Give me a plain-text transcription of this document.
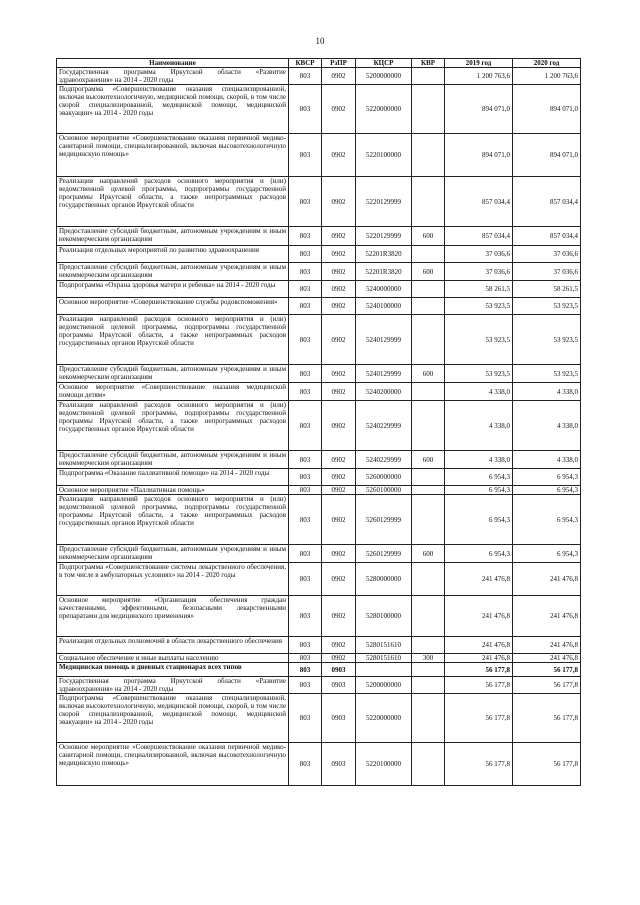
10
Наименование	КВСР	РзПР	КЦСР	КВР	2019 год	2020 год
Государственная программа Иркутской области «Развитие здравоохранения» на 2014 - 2020 годы	803	0902	5200000000		1 200 763,6	1 200 763,6
Подпрограмма «Совершенствование оказания специализированной, включая высокотехнологичную, медицинской помощи, скорой, в том числе скорой специализированной, медицинской помощи, медицинской эвакуации» на 2014 - 2020 годы	803	0902	5220000000		894 071,0	894 071,0
Основное мероприятие «Совершенствование оказания первичной медико-санитарной помощи, специализированной, включая высокотехнологичную медицинскую помощь»	803	0902	5220100000		894 071,0	894 071,0
Реализация направлений расходов основного мероприятия и (или) ведомственной целевой программы, подпрограммы государственной программы Иркутской области, а также непрограммных расходов государственных органов Иркутской области	803	0902	5220129999		857 034,4	857 034,4
Предоставление субсидий бюджетным, автономным учреждениям и иным некоммерческим организациям	803	0902	5220129999	600	857 034,4	857 034,4
Реализация отдельных мероприятий по развитию здравоохранения	803	0902	52201R3820		37 036,6	37 036,6
Предоставление субсидий бюджетным, автономным учреждениям и иным некоммерческим организациям	803	0902	52201R3820	600	37 036,6	37 036,6
Подпрограмма «Охрана здоровья матери и ребенка» на 2014 - 2020 годы	803	0902	5240000000		58 261,5	58 261,5
Основное мероприятие «Совершенствование службы родовспоможения»	803	0902	5240100000		53 923,5	53 923,5
Реализация направлений расходов основного мероприятия и (или) ведомственной целевой программы, подпрограммы государственной программы Иркутской области, а также непрограммных расходов государственных органов Иркутской области	803	0902	5240129999		53 923,5	53 923,5
Предоставление субсидий бюджетным, автономным учреждениям и иным некоммерческим организациям	803	0902	5240129999	600	53 923,5	53 923,5
Основное мероприятие «Совершенствование оказания медицинской помощи детям»	803	0902	5240200000		4 338,0	4 338,0
Реализация направлений расходов основного мероприятия и (или) ведомственной целевой программы, подпрограммы государственной программы Иркутской области, а также непрограммных расходов государственных органов Иркутской области	803	0902	5240229999		4 338,0	4 338,0
Предоставление субсидий бюджетным, автономным учреждениям и иным некоммерческим организациям	803	0902	5240229999	600	4 338,0	4 338,0
Подпрограмма «Оказание паллиативной помощи» на 2014 - 2020 годы	803	0902	5260000000		6 954,3	6 954,3
Основное мероприятие «Паллиативная помощь»	803	0902	5260100000		6 954,3	6 954,3
Реализация направлений расходов основного мероприятия и (или) ведомственной целевой программы, подпрограммы государственной программы Иркутской области, а также непрограммных расходов государственных органов Иркутской области	803	0902	5260129999		6 954,3	6 954,3
Предоставление субсидий бюджетным, автономным учреждениям и иным некоммерческим организациям	803	0902	5260129999	600	6 954,3	6 954,3
Подпрограмма «Совершенствование системы лекарственного обеспечения, в том числе в амбулаторных условиях» на 2014 - 2020 годы	803	0902	5280000000		241 476,8	241 476,8
Основное мероприятие «Организация обеспечения граждан качественными, эффективными, безопасными лекарственными препаратами для медицинского применения»	803	0902	5280100000		241 476,8	241 476,8
Реализация отдельных полномочий в области лекарственного обеспечения	803	0902	5280151610		241 476,8	241 476,8
Социальное обеспечение и иные выплаты населению	803	0902	5280151610	300	241 476,8	241 476,8
Медицинская помощь в дневных стационарах всех типов	803	0903			56 177,8	56 177,8
Государственная программа Иркутской области «Развитие здравоохранения» на 2014 - 2020 годы	803	0903	5200000000		56 177,8	56 177,8
Подпрограмма «Совершенствование оказания специализированной, включая высокотехнологичную, медицинской помощи, скорой, в том числе скорой специализированной, медицинской помощи, медицинской эвакуации» на 2014 - 2020 годы	803	0903	5220000000		56 177,8	56 177,8
Основное мероприятие «Совершенствование оказания первичной медико-санитарной помощи, специализированной, включая высокотехнологичную медицинскую помощь»	803	0903	5220100000		56 177,8	56 177,8
